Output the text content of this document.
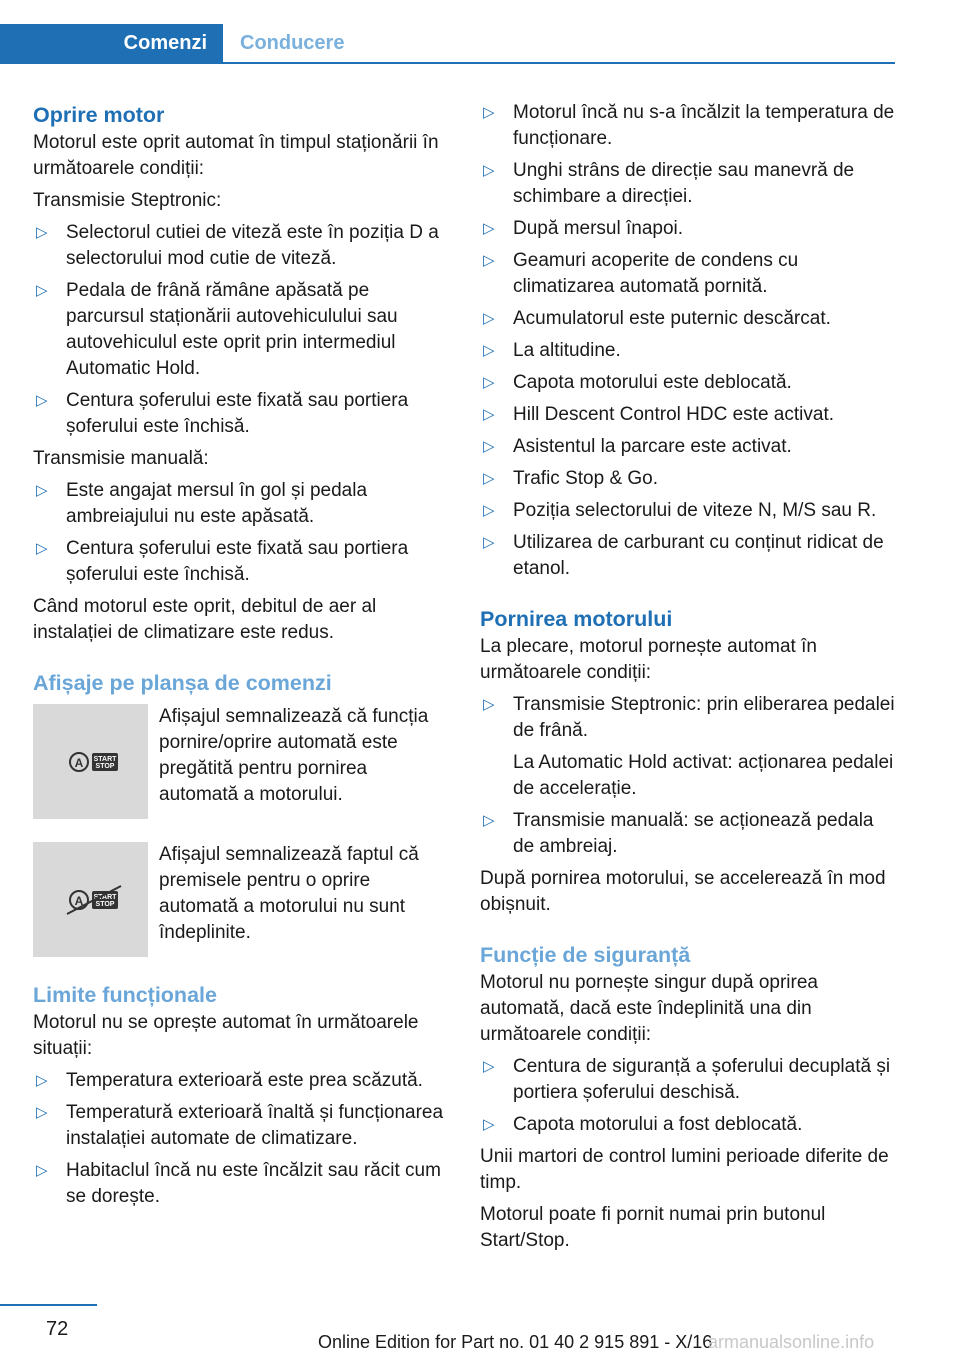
Comenzi	Conducere
Oprire motor

Motorul este oprit automat în timpul staționării în următoarele condiții:

Transmisie Steptronic:

▷ Selectorul cutiei de viteză este în poziția D a selectorului mod cutie de viteză.
▷ Pedala de frână rămâne apăsată pe parcursul staționării autovehiculului sau autovehiculul este oprit prin intermediul Automatic Hold.
▷ Centura șoferului este fixată sau portiera șoferului este închisă.

Transmisie manuală:

▷ Este angajat mersul în gol și pedala ambreiajului nu este apăsată.
▷ Centura șoferului este fixată sau portiera șoferului este închisă.

Când motorul este oprit, debitul de aer al instalației de climatizare este redus.

Afișaje pe planșa de comenzi
A START
STOP

Afișajul semnalizează că funcția pornire/oprire automată este pregătită pentru pornirea automată a motorului.

A START
STOP

Afișajul semnalizează faptul că premisele pentru o oprire automată a motorului nu sunt îndeplinite.

Limite funcționale

Motorul nu se oprește automat în următoarele situații:

▷ Temperatura exterioară este prea scăzută.
▷ Temperatură exterioară înaltă și funcționarea instalației automate de climatizare.
▷ Habitaclul încă nu este încălzit sau răcit cum se dorește.
▷ Motorul încă nu s-a încălzit la temperatura de funcționare.
▷ Unghi strâns de direcție sau manevră de schimbare a direcției.
▷ După mersul înapoi.
▷ Geamuri acoperite de condens cu climatizarea automată pornită.
▷ Acumulatorul este puternic descărcat.
▷ La altitudine.
▷ Capota motorului este deblocată.
▷ Hill Descent Control HDC este activat.
▷ Asistentul la parcare este activat.
▷ Trafic Stop & Go.
▷ Poziția selectorului de viteze N, M/S sau R.
▷ Utilizarea de carburant cu conținut ridicat de etanol.
Pornirea motorului

La plecare, motorul pornește automat în următoarele condiții:

▷ Transmisie Steptronic: prin eliberarea pedalei de frână.
La Automatic Hold activat: acționarea pedalei de accelerație.
▷ Transmisie manuală: se acționează pedala de ambreiaj.

După pornirea motorului, se accelerează în mod obișnuit.

Funcție de siguranță

Motorul nu pornește singur după oprirea automată, dacă este îndeplinită una din următoarele condiții:

▷ Centura de siguranță a șoferului decuplată și portiera șoferului deschisă.
▷ Capota motorului a fost deblocată.

Unii martori de control lumini perioade diferite de timp.

Motorul poate fi pornit numai prin butonul Start/Stop.

72
Online Edition for Part no. 01 40 2 915 891 - X/16
armanualsonline.info
